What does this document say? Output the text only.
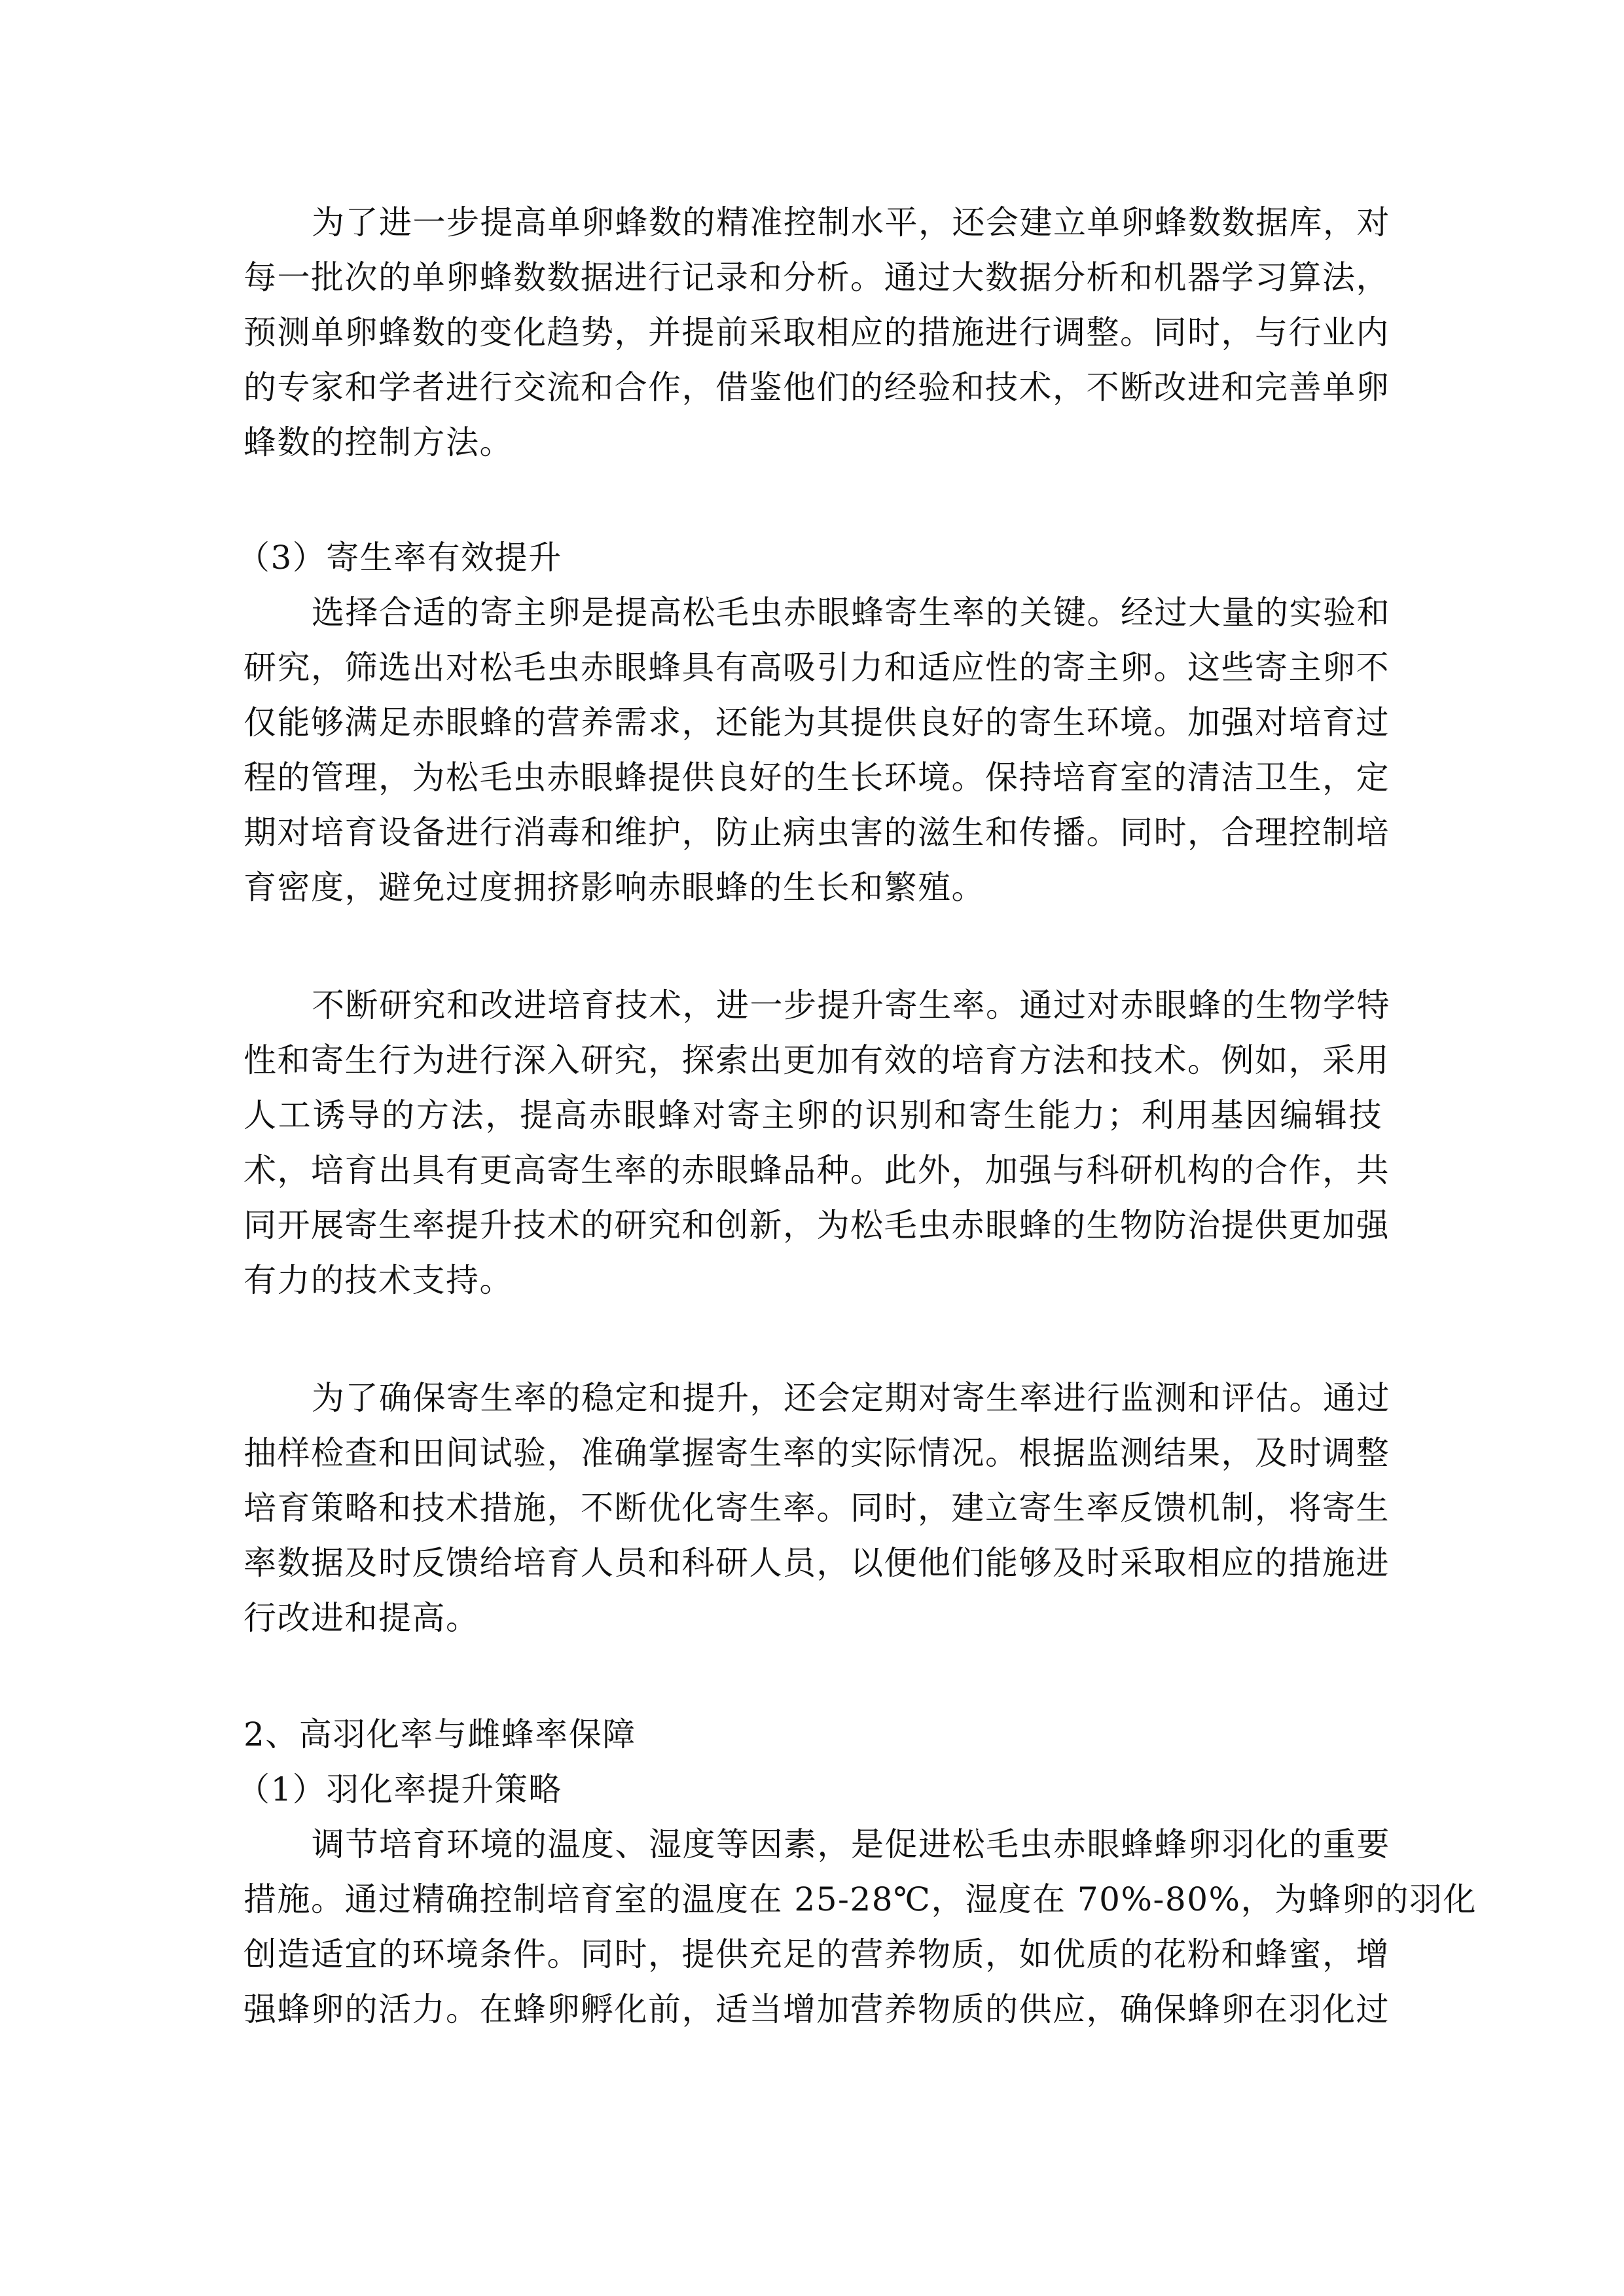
为了进一步提高单卵蜂数的精准控制水平，还会建立单卵蜂数数据库，对
每一批次的单卵蜂数数据进行记录和分析。通过大数据分析和机器学习算法，
预测单卵蜂数的变化趋势，并提前采取相应的措施进行调整。同时，与行业内
的专家和学者进行交流和合作，借鉴他们的经验和技术，不断改进和完善单卵
蜂数的控制方法。
（3）寄生率有效提升
选择合适的寄主卵是提高松毛虫赤眼蜂寄生率的关键。经过大量的实验和
研究，筛选出对松毛虫赤眼蜂具有高吸引力和适应性的寄主卵。这些寄主卵不
仅能够满足赤眼蜂的营养需求，还能为其提供良好的寄生环境。加强对培育过
程的管理，为松毛虫赤眼蜂提供良好的生长环境。保持培育室的清洁卫生，定
期对培育设备进行消毒和维护，防止病虫害的滋生和传播。同时，合理控制培
育密度，避免过度拥挤影响赤眼蜂的生长和繁殖。
不断研究和改进培育技术，进一步提升寄生率。通过对赤眼蜂的生物学特
性和寄生行为进行深入研究，探索出更加有效的培育方法和技术。例如，采用
人工诱导的方法，提高赤眼蜂对寄主卵的识别和寄生能力；利用基因编辑技
术，培育出具有更高寄生率的赤眼蜂品种。此外，加强与科研机构的合作，共
同开展寄生率提升技术的研究和创新，为松毛虫赤眼蜂的生物防治提供更加强
有力的技术支持。
为了确保寄生率的稳定和提升，还会定期对寄生率进行监测和评估。通过
抽样检查和田间试验，准确掌握寄生率的实际情况。根据监测结果，及时调整
培育策略和技术措施，不断优化寄生率。同时，建立寄生率反馈机制，将寄生
率数据及时反馈给培育人员和科研人员，以便他们能够及时采取相应的措施进
行改进和提高。
2、高羽化率与雌蜂率保障
（1）羽化率提升策略
调节培育环境的温度、湿度等因素，是促进松毛虫赤眼蜂蜂卵羽化的重要
措施。通过精确控制培育室的温度在 25-28℃，湿度在 70%-80%，为蜂卵的羽化
创造适宜的环境条件。同时，提供充足的营养物质，如优质的花粉和蜂蜜，增
强蜂卵的活力。在蜂卵孵化前，适当增加营养物质的供应，确保蜂卵在羽化过
